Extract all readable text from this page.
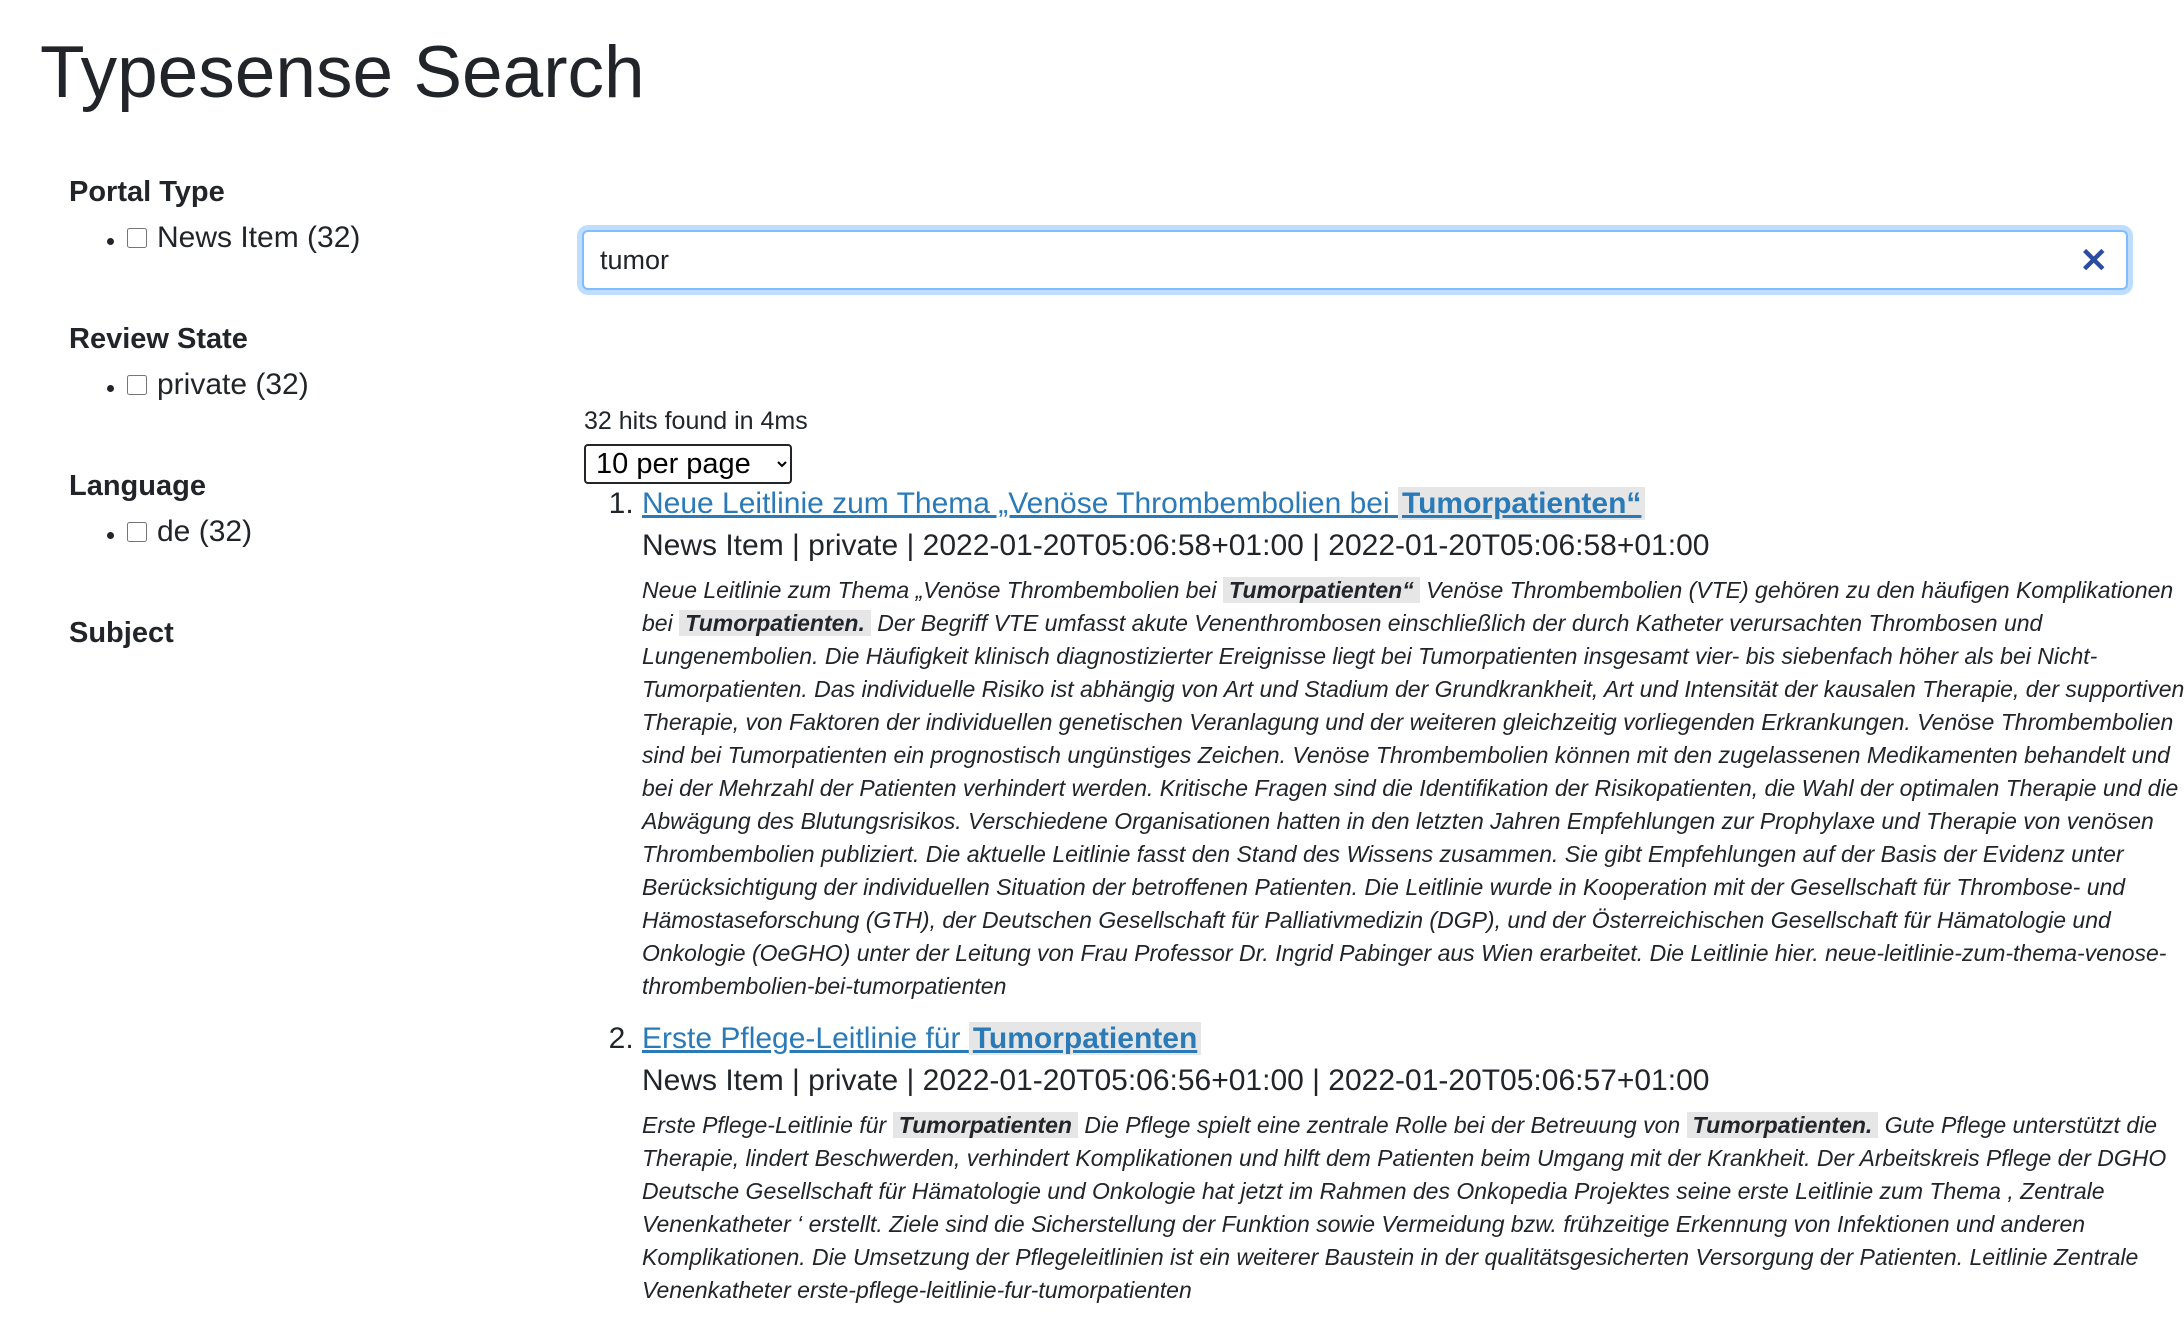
Typesense Search
Portal Type
• News Item (32)
Review State
• private (32)
Language
• de (32)
Subject
tumor
✕
32 hits found in 4ms
10 per page
1. Neue Leitlinie zum Thema „Venöse Thrombembolien bei Tumorpatienten“
News Item | private | 2022-01-20T05:06:58+01:00 | 2022-01-20T05:06:58+01:00
Neue Leitlinie zum Thema „Venöse Thrombembolien bei Tumorpatienten“ Venöse Thrombembolien (VTE) gehören zu den häufigen Komplikationen bei Tumorpatienten. Der Begriff VTE umfasst akute Venenthrombosen einschließlich der durch Katheter verursachten Thrombosen und Lungenembolien. Die Häufigkeit klinisch diagnostizierter Ereignisse liegt bei Tumorpatienten insgesamt vier- bis siebenfach höher als bei Nicht-Tumorpatienten. Das individuelle Risiko ist abhängig von Art und Stadium der Grundkrankheit, Art und Intensität der kausalen Therapie, der supportiven Therapie, von Faktoren der individuellen genetischen Veranlagung und der weiteren gleichzeitig vorliegenden Erkrankungen. Venöse Thrombembolien sind bei Tumorpatienten ein prognostisch ungünstiges Zeichen. Venöse Thrombembolien können mit den zugelassenen Medikamenten behandelt und bei der Mehrzahl der Patienten verhindert werden. Kritische Fragen sind die Identifikation der Risikopatienten, die Wahl der optimalen Therapie und die Abwägung des Blutungsrisikos. Verschiedene Organisationen hatten in den letzten Jahren Empfehlungen zur Prophylaxe und Therapie von venösen Thrombembolien publiziert. Die aktuelle Leitlinie fasst den Stand des Wissens zusammen. Sie gibt Empfehlungen auf der Basis der Evidenz unter Berücksichtigung der individuellen Situation der betroffenen Patienten. Die Leitlinie wurde in Kooperation mit der Gesellschaft für Thrombose- und Hämostaseforschung (GTH), der Deutschen Gesellschaft für Palliativmedizin (DGP), und der Österreichischen Gesellschaft für Hämatologie und Onkologie (OeGHO) unter der Leitung von Frau Professor Dr. Ingrid Pabinger aus Wien erarbeitet. Die Leitlinie hier. neue-leitlinie-zum-thema-venose-thrombembolien-bei-tumorpatienten
2. Erste Pflege-Leitlinie für Tumorpatienten
News Item | private | 2022-01-20T05:06:56+01:00 | 2022-01-20T05:06:57+01:00
Erste Pflege-Leitlinie für Tumorpatienten Die Pflege spielt eine zentrale Rolle bei der Betreuung von Tumorpatienten. Gute Pflege unterstützt die Therapie, lindert Beschwerden, verhindert Komplikationen und hilft dem Patienten beim Umgang mit der Krankheit. Der Arbeitskreis Pflege der DGHO Deutsche Gesellschaft für Hämatologie und Onkologie hat jetzt im Rahmen des Onkopedia Projektes seine erste Leitlinie zum Thema , Zentrale Venenkatheter ‘ erstellt. Ziele sind die Sicherstellung der Funktion sowie Vermeidung bzw. frühzeitige Erkennung von Infektionen und anderen Komplikationen. Die Umsetzung der Pflegeleitlinien ist ein weiterer Baustein in der qualitätsgesicherten Versorgung der Patienten. Leitlinie Zentrale Venenkatheter erste-pflege-leitlinie-fur-tumorpatienten
